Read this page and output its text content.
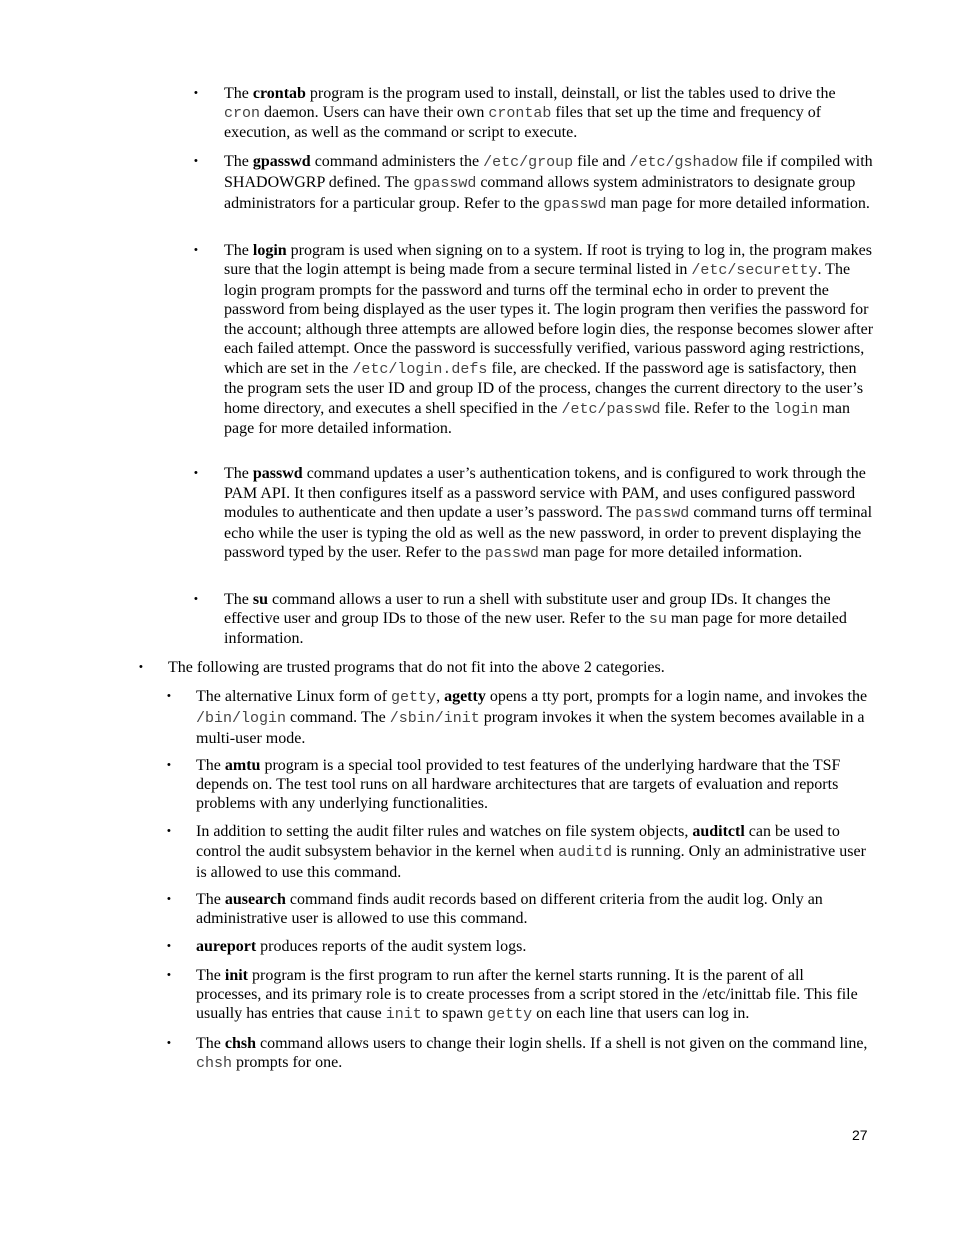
• The crontab program is the program used to install, deinstall, or list the tables used to drive the cron daemon. Users can have their own crontab files that set up the time and frequency of execution, as well as the command or script to execute.

• The gpasswd command administers the /etc/group file and /etc/gshadow file if compiled with SHADOWGRP defined. The gpasswd command allows system administrators to designate group administrators for a particular group. Refer to the gpasswd man page for more detailed information.

• The login program is used when signing on to a system. If root is trying to log in, the program makes sure that the login attempt is being made from a secure terminal listed in /etc/securetty. The login program prompts for the password and turns off the terminal echo in order to prevent the password from being displayed as the user types it. The login program then verifies the password for the account; although three attempts are allowed before login dies, the response becomes slower after each failed attempt. Once the password is successfully verified, various password aging restrictions, which are set in the /etc/login.defs file, are checked. If the password age is satisfactory, then the program sets the user ID and group ID of the process, changes the current directory to the user’s home directory, and executes a shell specified in the /etc/passwd file. Refer to the login man page for more detailed information.

• The passwd command updates a user’s authentication tokens, and is configured to work through the PAM API. It then configures itself as a password service with PAM, and uses configured password modules to authenticate and then update a user’s password. The passwd command turns off terminal echo while the user is typing the old as well as the new password, in order to prevent displaying the password typed by the user. Refer to the passwd man page for more detailed information.

• The su command allows a user to run a shell with substitute user and group IDs. It changes the effective user and group IDs to those of the new user. Refer to the su man page for more detailed information.

• The following are trusted programs that do not fit into the above 2 categories.

• The alternative Linux form of getty, agetty opens a tty port, prompts for a login name, and invokes the /bin/login command. The /sbin/init program invokes it when the system becomes available in a multi-user mode.

• The amtu program is a special tool provided to test features of the underlying hardware that the TSF depends on. The test tool runs on all hardware architectures that are targets of evaluation and reports problems with any underlying functionalities.

• In addition to setting the audit filter rules and watches on file system objects, auditctl can be used to control the audit subsystem behavior in the kernel when auditd is running. Only an administrative user is allowed to use this command.

• The ausearch command finds audit records based on different criteria from the audit log. Only an administrative user is allowed to use this command.

• aureport produces reports of the audit system logs.

• The init program is the first program to run after the kernel starts running. It is the parent of all processes, and its primary role is to create processes from a script stored in the /etc/inittab file. This file usually has entries that cause init to spawn getty on each line that users can log in.

• The chsh command allows users to change their login shells. If a shell is not given on the command line, chsh prompts for one.

27
